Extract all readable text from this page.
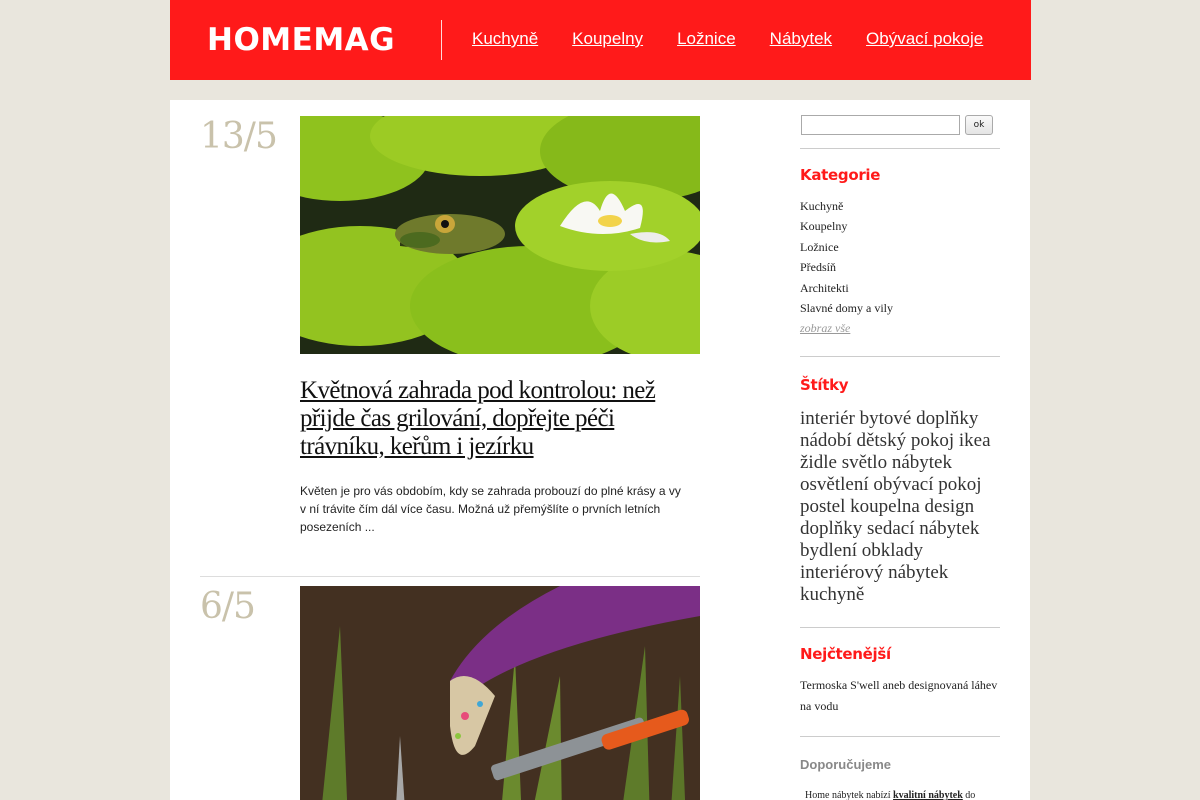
HOMEMAG	Kuchyně Koupelny Ložnice Nábytek Obývací pokoje
13/5
Květnová zahrada pod kontrolou: než přijde čas grilování, dopřejte péči trávníku, keřům i jezírku

Květen je pro vás obdobím, kdy se zahrada probouzí do plné krásy a vy v ní trávite čím dál více času. Možná už přemýšlíte o prvních letních posezeních ...

6/5
ok
Kategorie
Kuchyně
Koupelny
Ložnice
Předsíň
Architekti
Slavné domy a vily
zobraz vše
Štítky
interiér bytové doplňky nádobí dětský pokoj ikea židle světlo nábytek osvětlení obývací pokoj postel koupelna design doplňky sedací nábytek bydlení obklady interiérový nábytek kuchyně
Nejčtenější
Termoska S'well aneb designovaná láhev na vodu
Doporučujeme
Home nábytek nabízí kvalitní nábytek do
